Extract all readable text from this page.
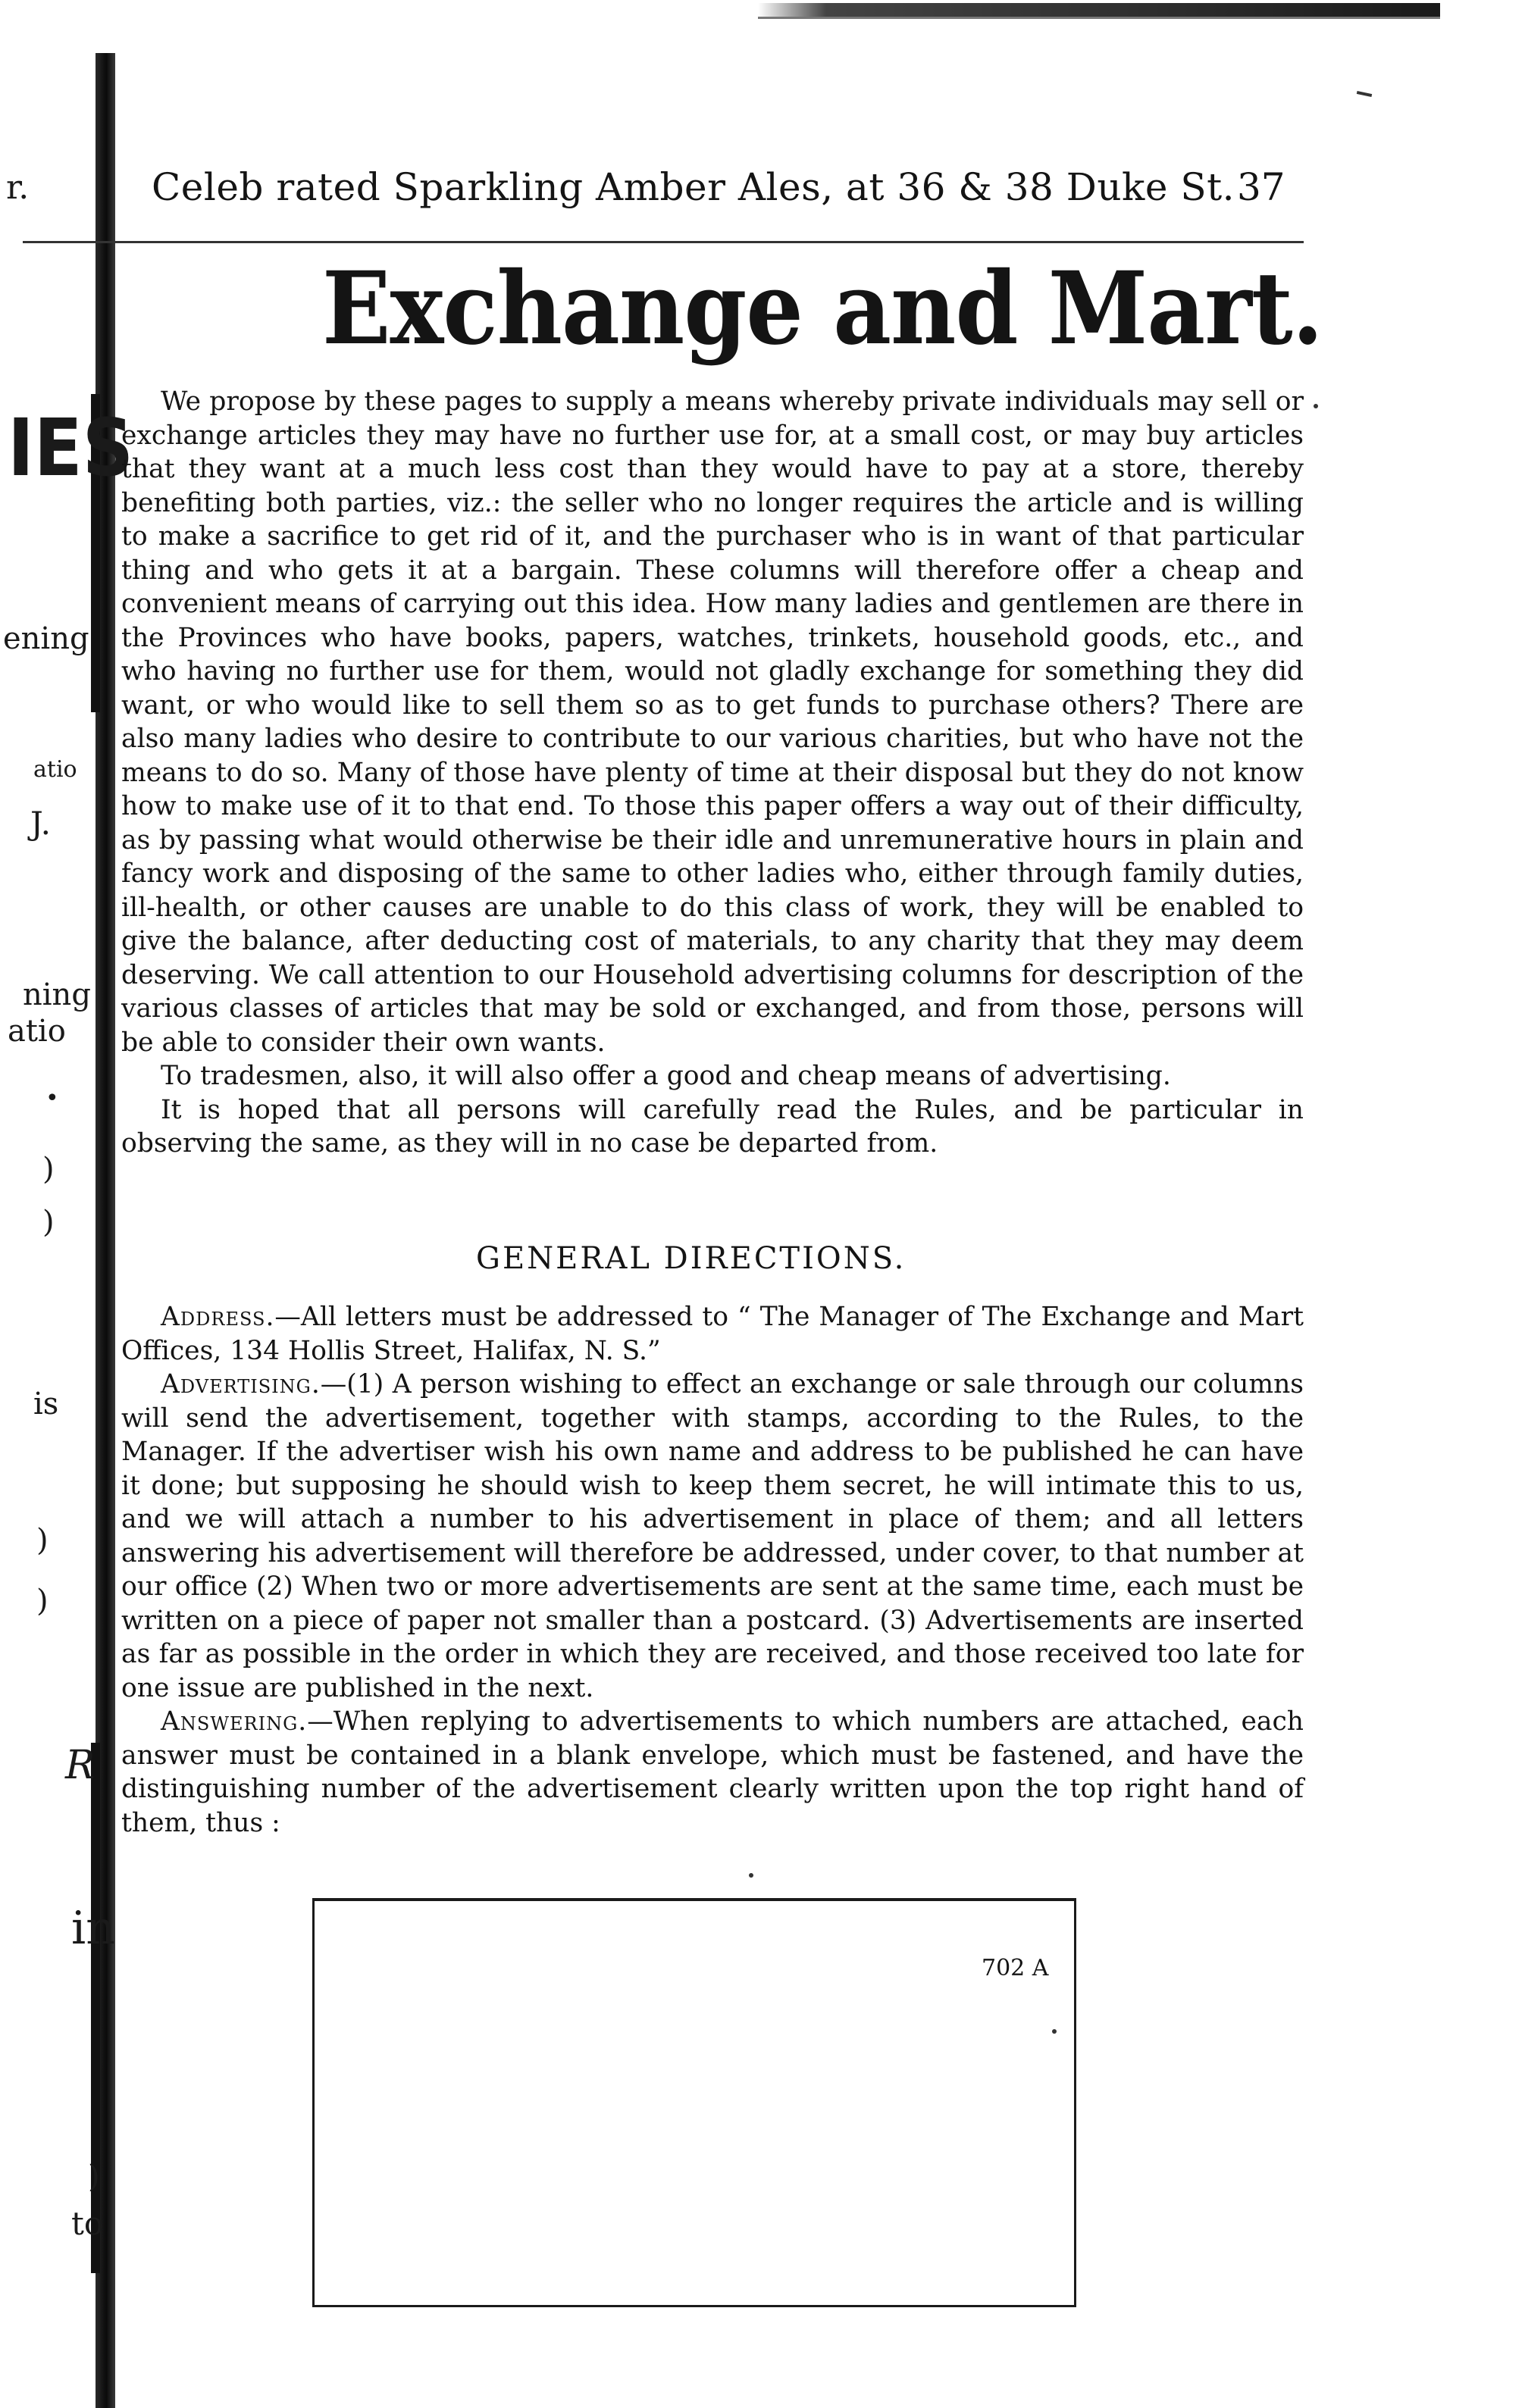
r.
IES
ening
atio
J.
ning
atio
•
)
)
is
)
)
R
in
)
to
Celeb rated Sparkling Amber Ales, at 36 & 38 Duke St. 37
Exchange and Mart.

We propose by these pages to supply a means whereby private individuals may sell or exchange articles they may have no further use for, at a small cost, or may buy articles that they want at a much less cost than they would have to pay at a store, thereby benefiting both parties, viz.: the seller who no longer requires the article and is willing to make a sacrifice to get rid of it, and the purchaser who is in want of that particular thing and who gets it at a bargain. These columns will therefore offer a cheap and convenient means of carrying out this idea. How many ladies and gentlemen are there in the Provinces who have books, papers, watches, trinkets, household goods, etc., and who having no further use for them, would not gladly exchange for something they did want, or who would like to sell them so as to get funds to purchase others? There are also many ladies who desire to contribute to our various charities, but who have not the means to do so. Many of those have plenty of time at their disposal but they do not know how to make use of it to that end. To those this paper offers a way out of their difficulty, as by passing what would otherwise be their idle and unremunerative hours in plain and fancy work and disposing of the same to other ladies who, either through family duties, ill-health, or other causes are unable to do this class of work, they will be enabled to give the balance, after deducting cost of materials, to any charity that they may deem deserving. We call attention to our Household advertising columns for description of the various classes of articles that may be sold or exchanged, and from those, persons will be able to consider their own wants.

To tradesmen, also, it will also offer a good and cheap means of advertising.

It is hoped that all persons will carefully read the Rules, and be particular in observing the same, as they will in no case be departed from.

GENERAL DIRECTIONS.

Address.—All letters must be addressed to “ The Manager of The Exchange and Mart Offices, 134 Hollis Street, Halifax, N. S.”

Advertising.—(1) A person wishing to effect an exchange or sale through our columns will send the advertisement, together with stamps, according to the Rules, to the Manager. If the advertiser wish his own name and address to be published he can have it done; but supposing he should wish to keep them secret, he will intimate this to us, and we will attach a number to his advertisement in place of them; and all letters answering his advertisement will therefore be addressed, under cover, to that number at our office (2) When two or more advertisements are sent at the same time, each must be written on a piece of paper not smaller than a postcard. (3) Advertisements are inserted as far as possible in the order in which they are received, and those received too late for one issue are published in the next.

Answering.—When replying to advertisements to which numbers are attached, each answer must be contained in a blank envelope, which must be fastened, and have the distinguishing number of the advertisement clearly written upon the top right hand of them, thus :

702 A
